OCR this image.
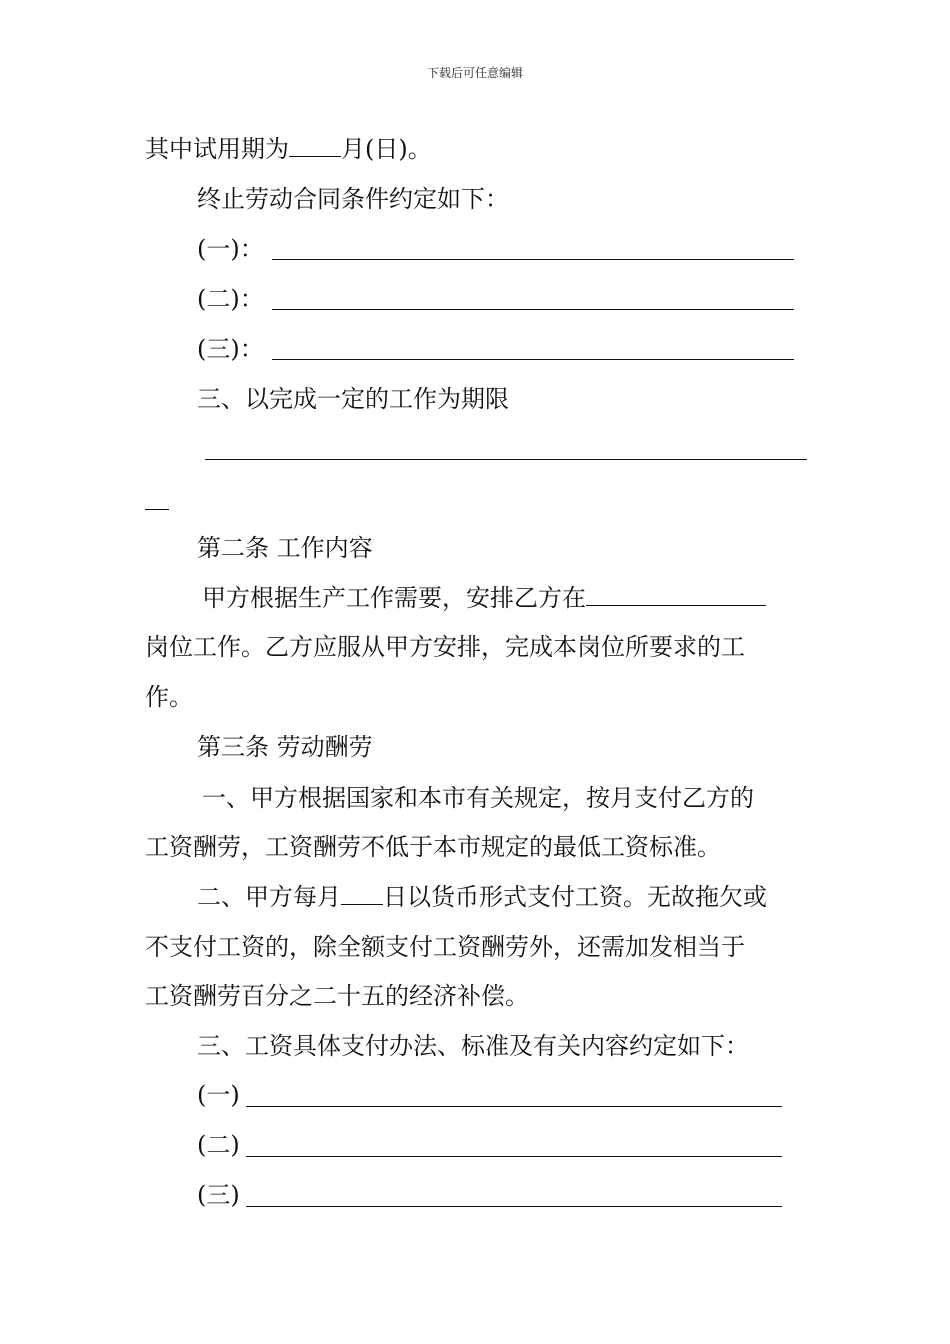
下载后可任意编辑
其中试用期为 月(日)。
终止劳动合同条件约定如下：
(一)：
(二)：
(三)：
三、以完成一定的工作为期限
第二条 工作内容
甲方根据生产工作需要，安排乙方在
岗位工作。乙方应服从甲方安排，完成本岗位所要求的工
作。
第三条 劳动酬劳
一、甲方根据国家和本市有关规定，按月支付乙方的
工资酬劳，工资酬劳不低于本市规定的最低工资标准。
二、甲方每月 日以货币形式支付工资。无故拖欠或
不支付工资的，除全额支付工资酬劳外，还需加发相当于
工资酬劳百分之二十五的经济补偿。
三、工资具体支付办法、标准及有关内容约定如下：
(一)
(二)
(三)
